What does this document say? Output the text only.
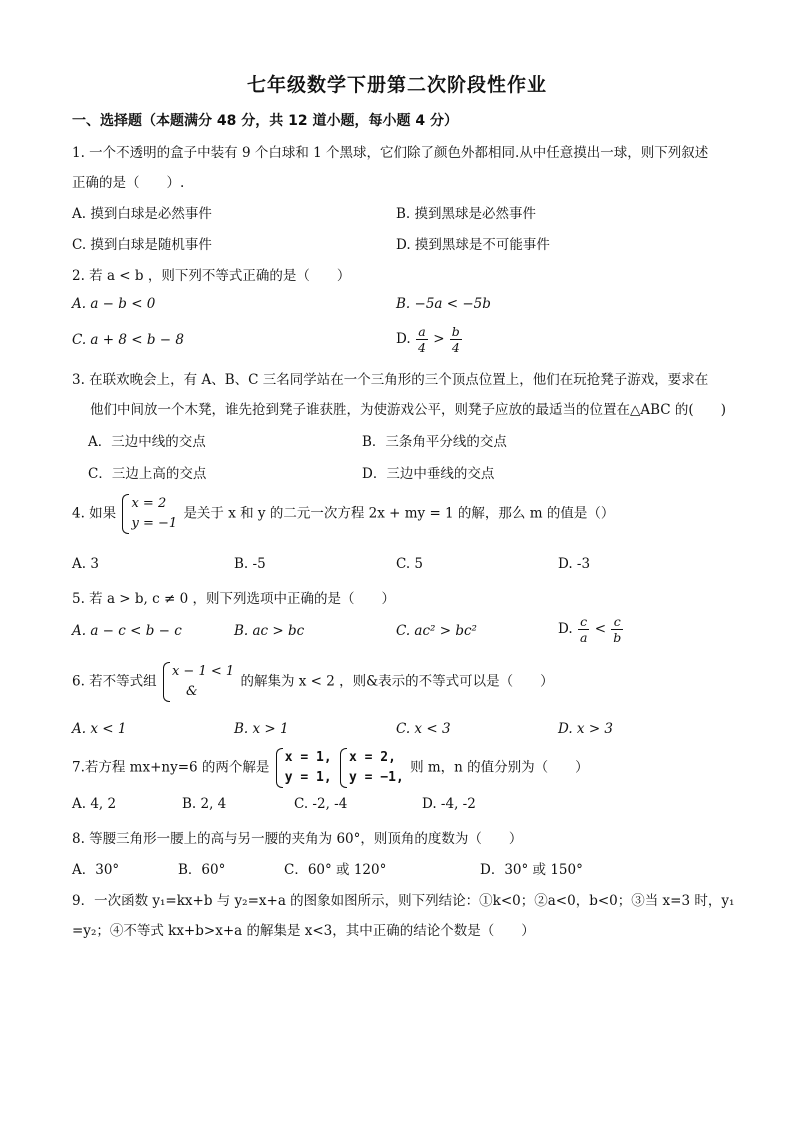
七年级数学下册第二次阶段性作业
一、选择题（本题满分 48 分，共 12 道小题，每小题 4 分）
1. 一个不透明的盒子中装有 9 个白球和 1 个黑球，它们除了颜色外都相同.从中任意摸出一球，则下列叙述
正确的是（　　）.
A. 摸到白球是必然事件	B. 摸到黑球是必然事件
C. 摸到白球是随机事件	D. 摸到黑球是不可能事件
2. 若 a < b ，则下列不等式正确的是（　　）
A. a − b < 0	B. −5a < −5b
C. a + 8 < b − 8	D. $\frac{a}{4} > \frac{b}{4}$
3. 在联欢晚会上，有 A、B、C 三名同学站在一个三角形的三个顶点位置上，他们在玩抢凳子游戏，要求在
他们中间放一个木凳，谁先抢到凳子谁获胜，为使游戏公平，则凳子应放的最适当的位置在△ABC 的(　　)
A．三边中线的交点	B．三条角平分线的交点
C．三边上高的交点	D．三边中垂线的交点
4. 如果
x = 2
y = −1
是关于 x 和 y 的二元一次方程 2x + my = 1 的解，那么 m 的值是（）
A. 3	B. -5	C. 5	D. -3
5. 若 a > b, c ≠ 0 ，则下列选项中正确的是（　　）
A. a − c < b − c	B. ac > bc	C. ac² > bc²	D. $\frac{c}{a} < \frac{c}{b}$
6. 若不等式组
x − 1 < 1
&
的解集为 x < 2 ，则&表示的不等式可以是（　　）
A. x < 1	B. x > 1	C. x < 3	D. x > 3
7.若方程 mx+ny=6 的两个解是
x = 1,
y = 1,

x = 2,
y = −1,
则 m，n 的值分别为（　　）
A. 4, 2	B. 2, 4	C. -2, -4	D. -4, -2
8. 等腰三角形一腰上的高与另一腰的夹角为 60°，则顶角的度数为（　　）
A．30°	B．60°	C．60° 或 120°	D．30° 或 150°
9．一次函数 y₁=kx+b 与 y₂=x+a 的图象如图所示，则下列结论：①k<0；②a<0，b<0；③当 x=3 时，y₁
=y₂；④不等式 kx+b>x+a 的解集是 x<3，其中正确的结论个数是（　　）
